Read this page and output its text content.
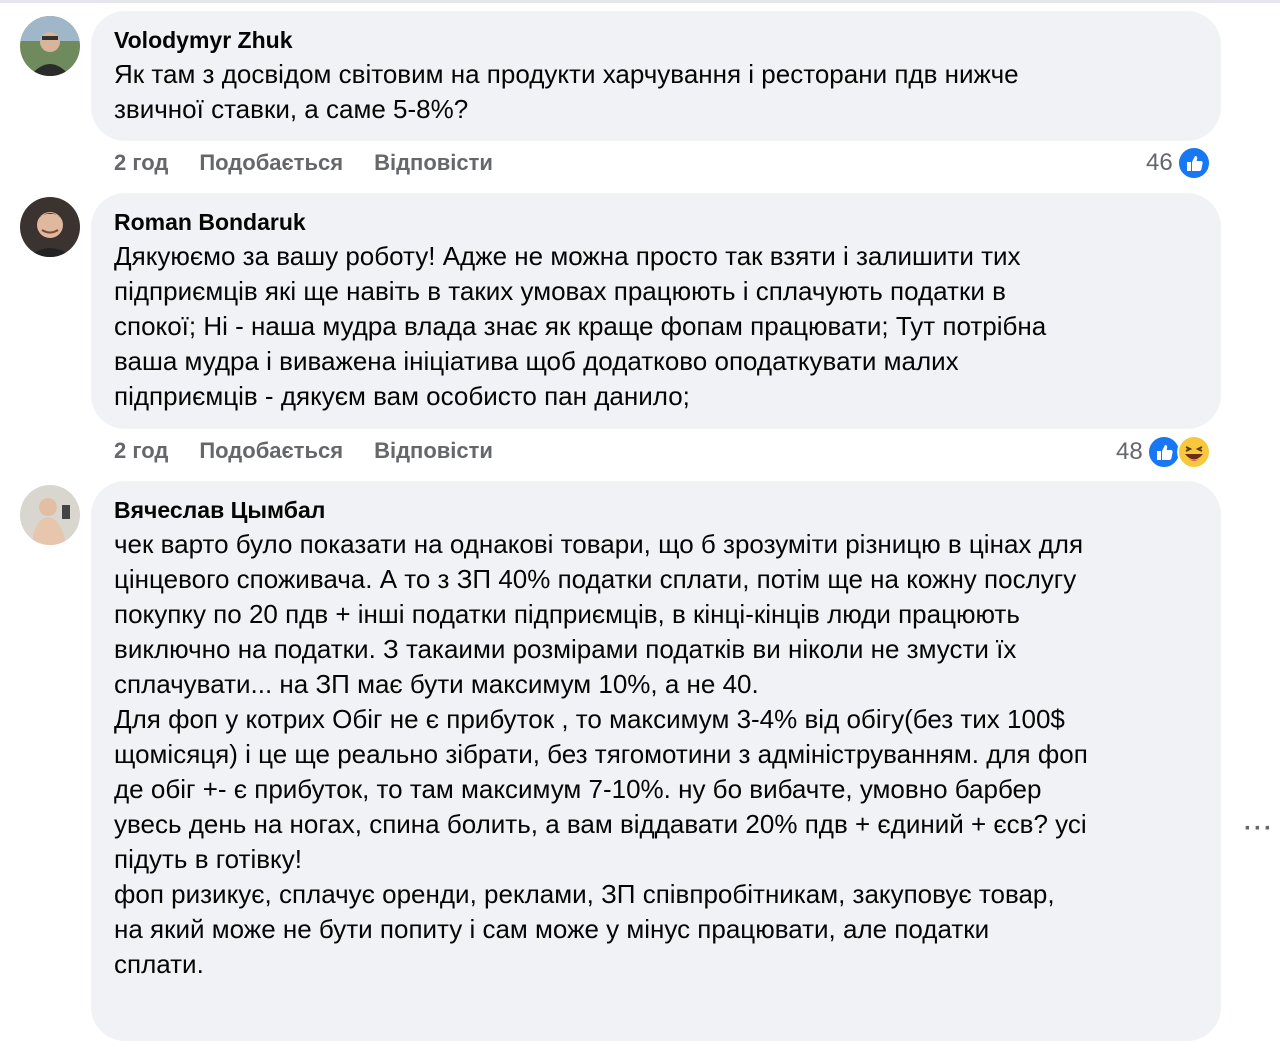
Volodymyr Zhuk
Як там з досвідом світовим на продукти харчування і ресторани пдв нижче
звичної ставки, а саме 5-8%?
2 год Подобається Відповісти	46
Roman Bondaruk
Дякуюємо за вашу роботу! Адже не можна просто так взяти і залишити тих
підприємців які ще навіть в таких умовах працюють і сплачують податки в
спокої; Ні - наша мудра влада знає як краще фопам працювати; Тут потрібна
ваша мудра і виважена ініціатива щоб додатково оподаткувати малих
підприємців - дякуєм вам особисто пан данило;
2 год Подобається Відповісти	48
Вячеслав Цымбал
чек варто було показати на однакові товари, що б зрозуміти різницю в цінах для
цінцевого споживача. А то з ЗП 40% податки сплати, потім ще на кожну послугу
покупку по 20 пдв + інші податки підприємців, в кінці-кінців люди працюють
виключно на податки. З такаими розмірами податків ви ніколи не змусти їх
сплачувати... на ЗП має бути максимум 10%, а не 40.
Для фоп у котрих Обіг не є прибуток , то максимум 3-4% від обігу(без тих 100$
щомісяця) і це ще реально зібрати, без тягомотини з адмініструванням. для фоп
де обіг +- є прибуток, то там максимум 7-10%. ну бо вибачте, умовно барбер
увесь день на ногах, спина болить, а вам віддавати 20% пдв + єдиний + єсв? усі
підуть в готівку!
фоп ризикує, сплачує оренди, реклами, ЗП співпробітникам, закуповує товар,
на який може не бути попиту і сам може у мінус працювати, але податки
сплати.
···
